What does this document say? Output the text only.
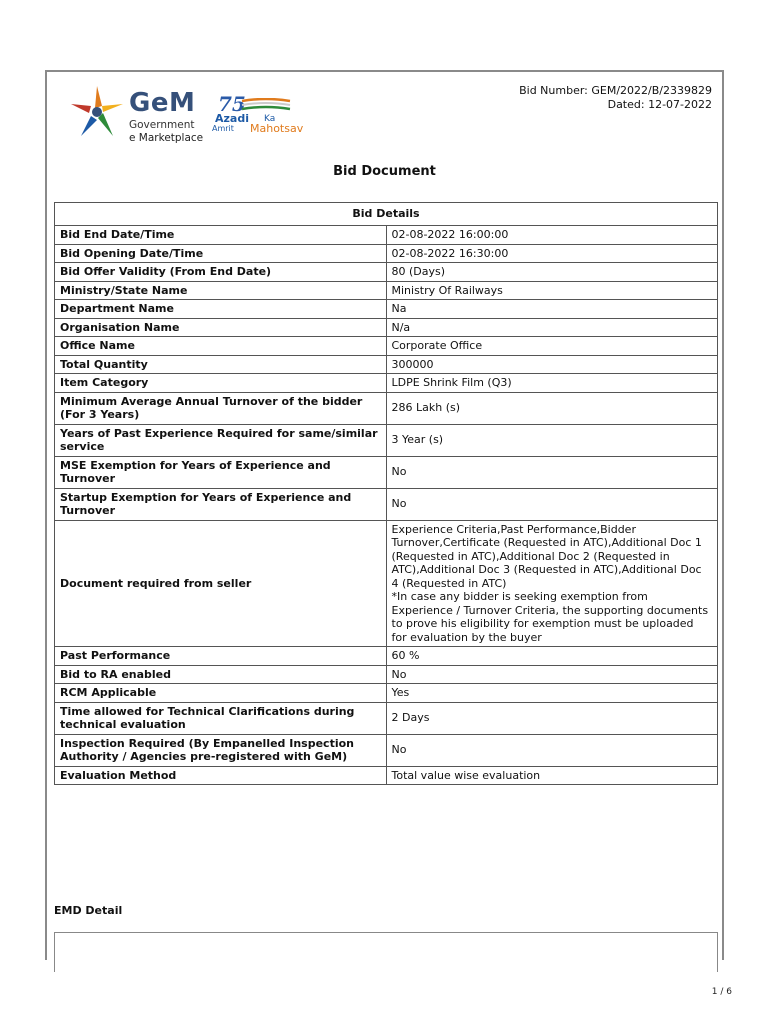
GeM
Government
e Marketplace
75
Azadi Ka
Amrit Mahotsav
Bid Number: GEM/2022/B/2339829
Dated: 12-07-2022
Bid Document
Bid Details	
Bid End Date/Time	02-08-2022 16:00:00
Bid Opening Date/Time	02-08-2022 16:30:00
Bid Offer Validity (From End Date)	80 (Days)
Ministry/State Name	Ministry Of Railways
Department Name	Na
Organisation Name	N/a
Office Name	Corporate Office
Total Quantity	300000
Item Category	LDPE Shrink Film (Q3)
Minimum Average Annual Turnover of the bidder (For 3 Years)	286 Lakh (s)
Years of Past Experience Required for same/similar service	3 Year (s)
MSE Exemption for Years of Experience and Turnover	No
Startup Exemption for Years of Experience and Turnover	No
Document required from seller	Experience Criteria,Past Performance,Bidder Turnover,Certificate (Requested in ATC),Additional Doc 1 (Requested in ATC),Additional Doc 2 (Requested in ATC),Additional Doc 3 (Requested in ATC),Additional Doc 4 (Requested in ATC)
*In case any bidder is seeking exemption from Experience / Turnover Criteria, the supporting documents to prove his eligibility for exemption must be uploaded for evaluation by the buyer

Past Performance	60 %
Bid to RA enabled	No
RCM Applicable	Yes
Time allowed for Technical Clarifications during technical evaluation	2 Days
Inspection Required (By Empanelled Inspection Authority / Agencies pre-registered with GeM)	No
Evaluation Method	Total value wise evaluation
EMD Detail
1 / 6
